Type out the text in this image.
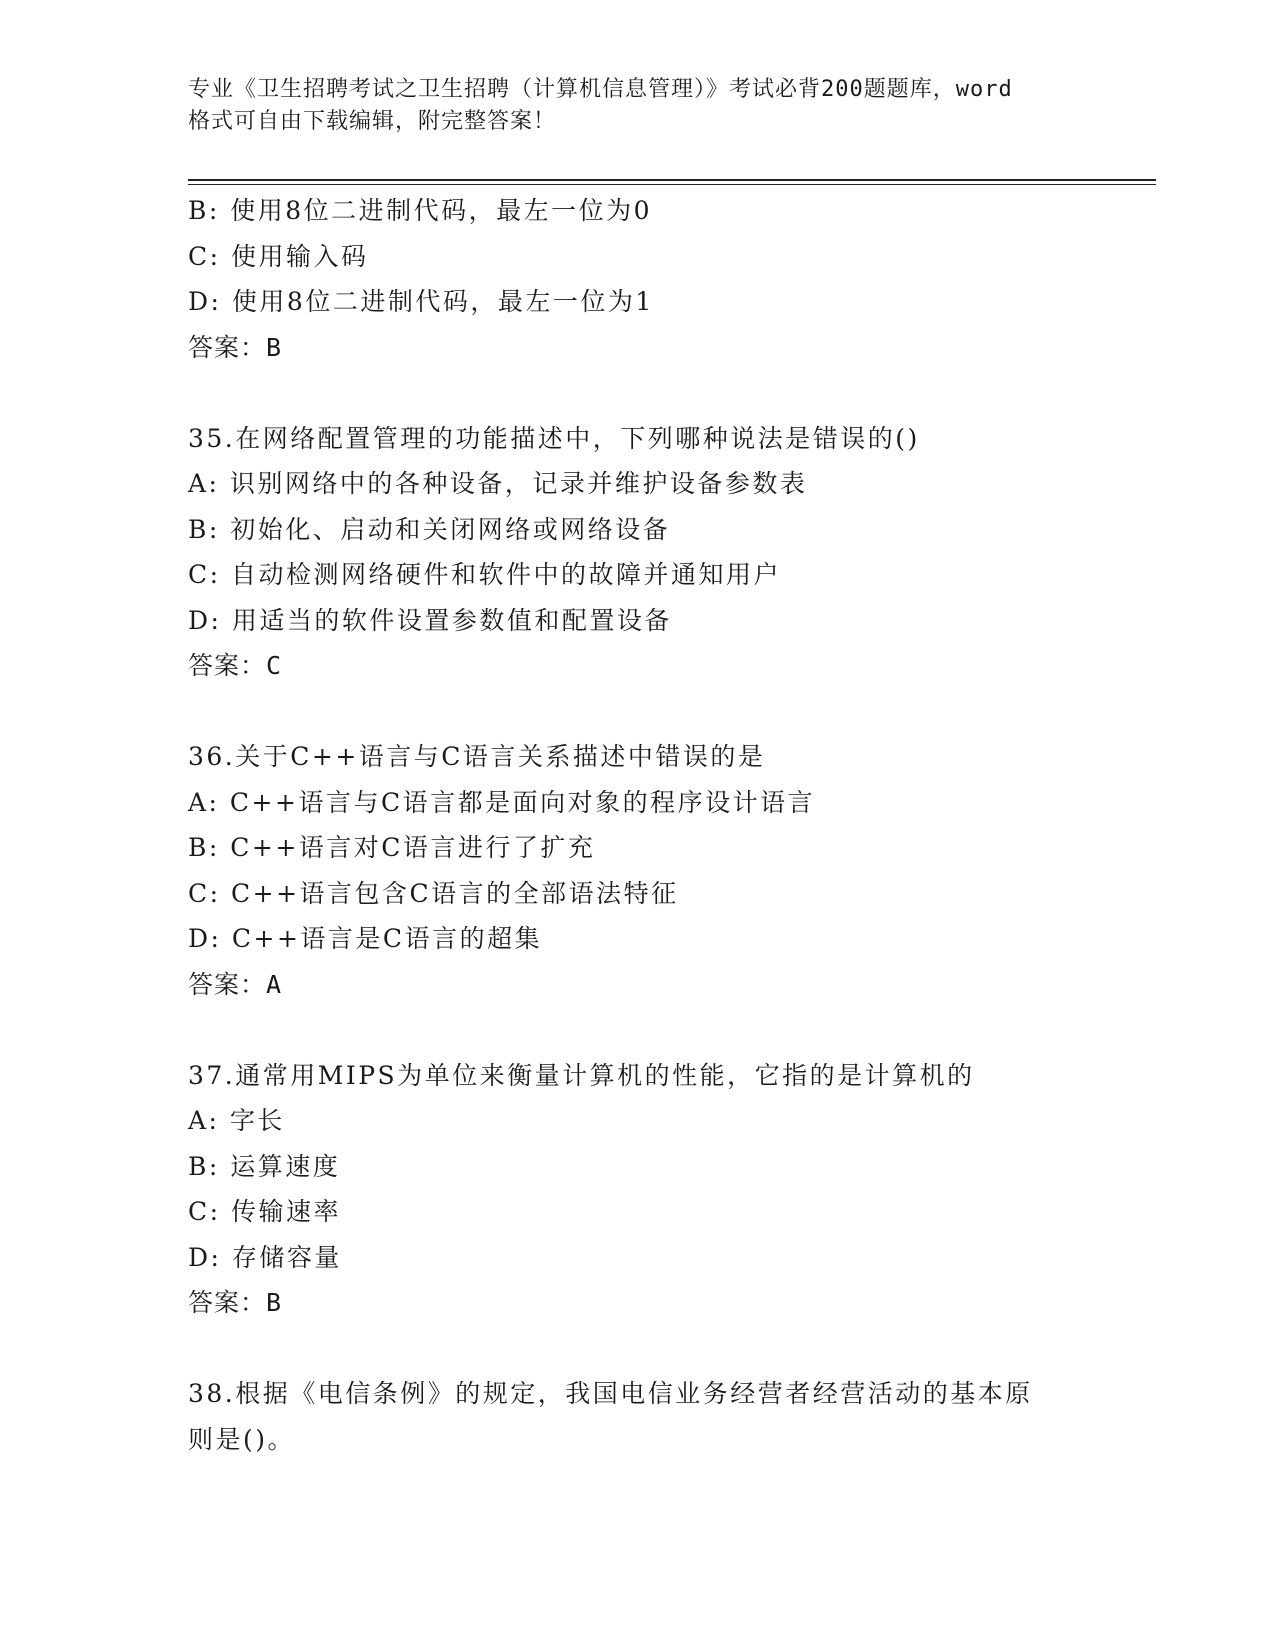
专业《卫生招聘考试之卫生招聘（计算机信息管理）》考试必背200题题库，word
格式可自由下载编辑，附完整答案！
B: 使用8位二进制代码，最左一位为0
C: 使用输入码
D: 使用8位二进制代码，最左一位为1
答案：B
35.在网络配置管理的功能描述中，下列哪种说法是错误的()
A: 识别网络中的各种设备，记录并维护设备参数表
B: 初始化、启动和关闭网络或网络设备
C: 自动检测网络硬件和软件中的故障并通知用户
D: 用适当的软件设置参数值和配置设备
答案：C
36.关于C++语言与C语言关系描述中错误的是
A: C++语言与C语言都是面向对象的程序设计语言
B: C++语言对C语言进行了扩充
C: C++语言包含C语言的全部语法特征
D: C++语言是C语言的超集
答案：A
37.通常用MIPS为单位来衡量计算机的性能，它指的是计算机的
A: 字长
B: 运算速度
C: 传输速率
D: 存储容量
答案：B
38.根据《电信条例》的规定，我国电信业务经营者经营活动的基本原
则是()。
